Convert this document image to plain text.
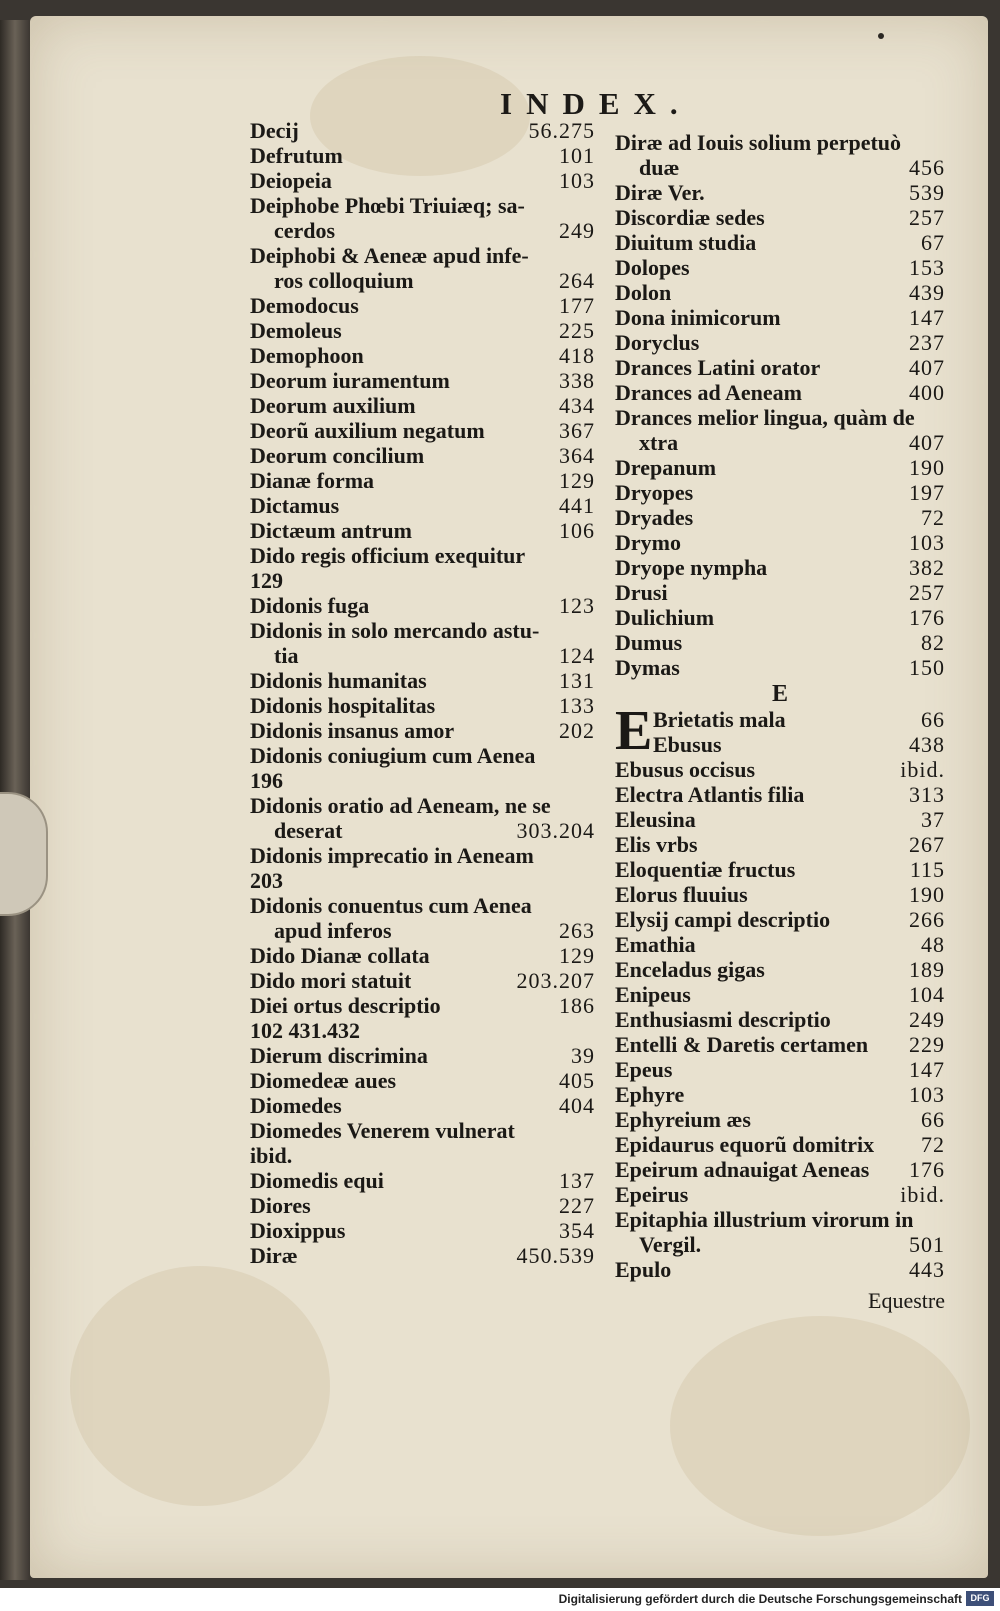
INDEX.
Decij	56.275
Defrutum	101
Deiopeia	103
Deiphobe Phœbi Triuiæq; sa-
cerdos	249
Deiphobi & Aeneæ apud infe-
ros colloquium	264
Demodocus	177
Demoleus	225
Demophoon	418
Deorum iuramentum	338
Deorum auxilium	434
Deorũ auxilium negatum	367
Deorum concilium	364
Dianæ forma	129
Dictamus	441
Dictæum antrum	106
Dido regis officium exequitur
129
Didonis fuga	123
Didonis in solo mercando astu-
tia	124
Didonis humanitas	131
Didonis hospitalitas	133
Didonis insanus amor	202
Didonis coniugium cum Aenea
196
Didonis oratio ad Aeneam, ne se
deserat	303.204
Didonis imprecatio in Aeneam
203
Didonis conuentus cum Aenea
apud inferos	263
Dido Dianæ collata	129
Dido mori statuit	203.207
Diei ortus descriptio	186
102 431.432
Dierum discrimina	39
Diomedeæ aues	405
Diomedes	404
Diomedes Venerem vulnerat
ibid.
Diomedis equi	137
Diores	227
Dioxippus	354
Diræ	450.539
Diræ ad Iouis solium perpetuò
duæ	456
Diræ Ver.	539
Discordiæ sedes	257
Diuitum studia	67
Dolopes	153
Dolon	439
Dona inimicorum	147
Doryclus	237
Drances Latini orator	407
Drances ad Aeneam	400
Drances melior lingua, quàm de
xtra	407
Drepanum	190
Dryopes	197
Dryades	72
Drymo	103
Dryope nympha	382
Drusi	257
Dulichium	176
Dumus	82
Dymas	150
E
E Brietatis mala	66
Ebusus	438
Ebusus occisus	ibid.
Electra Atlantis filia	313
Eleusina	37
Elis vrbs	267
Eloquentiæ fructus	115
Elorus fluuius	190
Elysij campi descriptio	266
Emathia	48
Enceladus gigas	189
Enipeus	104
Enthusiasmi descriptio	249
Entelli & Daretis certamen 229
Epeus	147
Ephyre	103
Ephyreium æs	66
Epidaurus equorũ domitrix 72
Epeirum adnauigat Aeneas 176
Epeirus	ibid.
Epitaphia illustrium virorum in
Vergil.	501
Epulo	443
Equestre
Digitalisierung gefördert durch die Deutsche Forschungsgemeinschaft DFG
